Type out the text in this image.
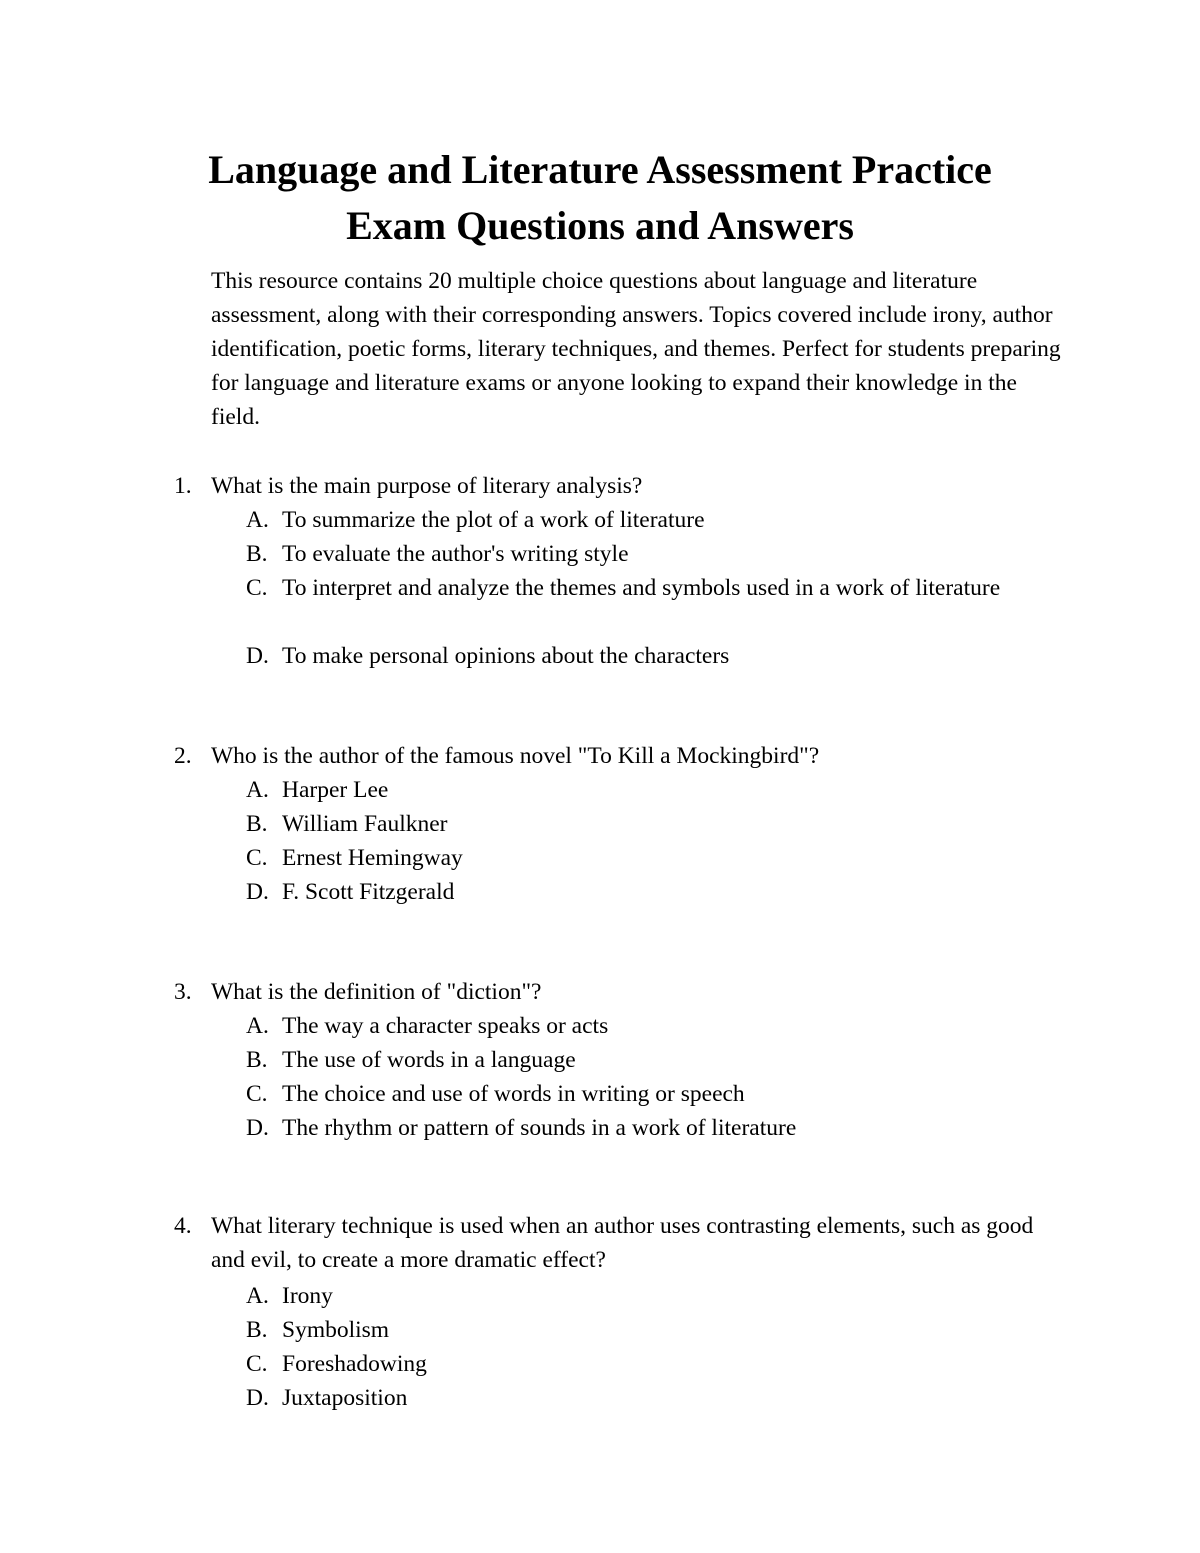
Language and Literature Assessment Practice
Exam Questions and Answers

This resource contains 20 multiple choice questions about language and literature assessment, along with their corresponding answers. Topics covered include irony, author identification, poetic forms, literary techniques, and themes. Perfect for students preparing for language and literature exams or anyone looking to expand their knowledge in the field.

1. What is the main purpose of literary analysis?
A. To summarize the plot of a work of literature
B. To evaluate the author's writing style
C. To interpret and analyze the themes and symbols used in a work of literature
D. To make personal opinions about the characters
2. Who is the author of the famous novel "To Kill a Mockingbird"?
A. Harper Lee
B. William Faulkner
C. Ernest Hemingway
D. F. Scott Fitzgerald
3. What is the definition of "diction"?
A. The way a character speaks or acts
B. The use of words in a language
C. The choice and use of words in writing or speech
D. The rhythm or pattern of sounds in a work of literature
4. What literary technique is used when an author uses contrasting elements, such as good and evil, to create a more dramatic effect?
A. Irony
B. Symbolism
C. Foreshadowing
D. Juxtaposition
